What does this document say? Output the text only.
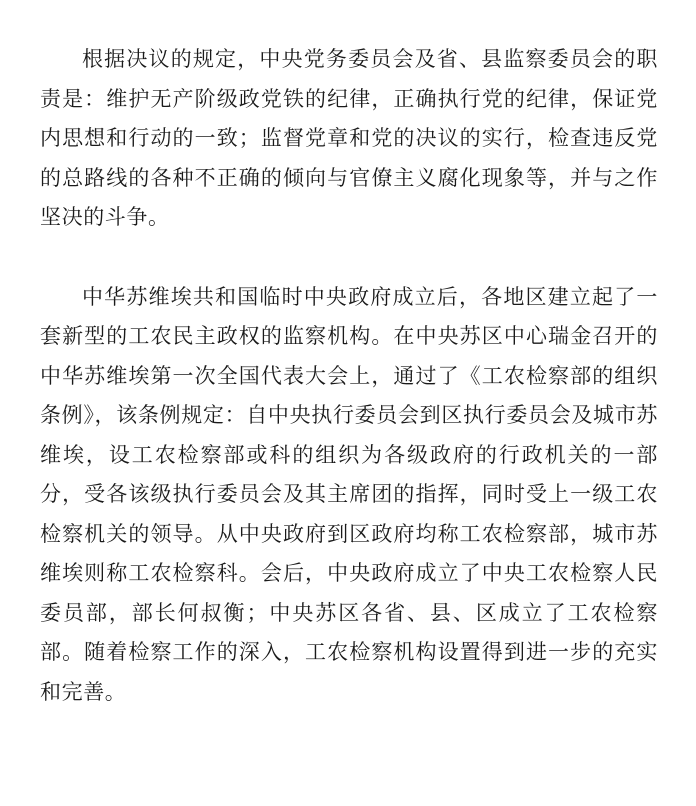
根据决议的规定，中央党务委员会及省、县监察委员会的职责是：维护无产阶级政党铁的纪律，正确执行党的纪律，保证党内思想和行动的一致；监督党章和党的决议的实行，检查违反党的总路线的各种不正确的倾向与官僚主义腐化现象等，并与之作坚决的斗争。

中华苏维埃共和国临时中央政府成立后，各地区建立起了一套新型的工农民主政权的监察机构。在中央苏区中心瑞金召开的中华苏维埃第一次全国代表大会上，通过了《工农检察部的组织条例》，该条例规定：自中央执行委员会到区执行委员会及城市苏维埃，设工农检察部或科的组织为各级政府的行政机关的一部分，受各该级执行委员会及其主席团的指挥，同时受上一级工农检察机关的领导。从中央政府到区政府均称工农检察部，城市苏维埃则称工农检察科。会后，中央政府成立了中央工农检察人民委员部，部长何叔衡；中央苏区各省、县、区成立了工农检察部。随着检察工作的深入，工农检察机构设置得到进一步的充实和完善。
